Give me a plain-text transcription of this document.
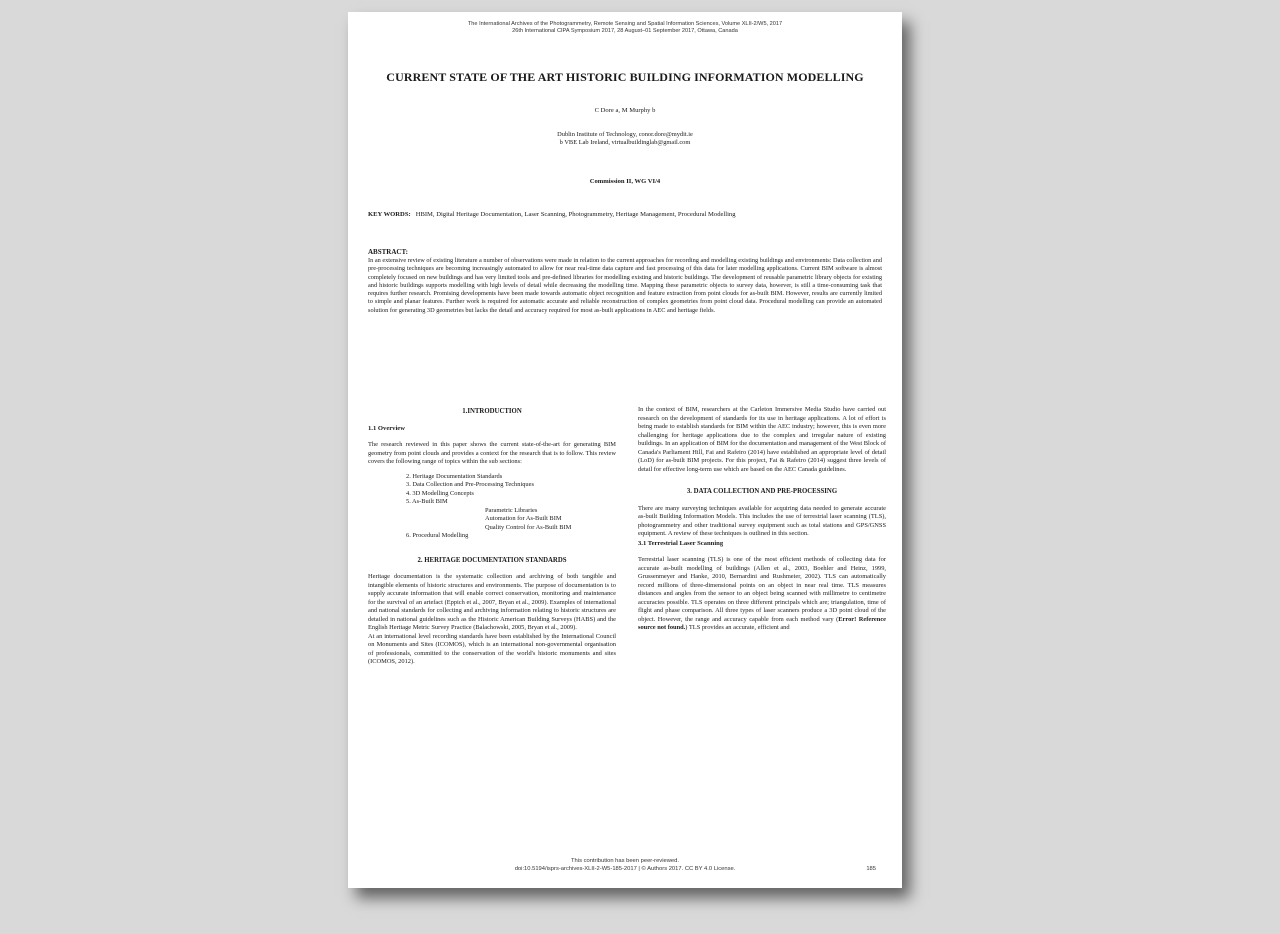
The International Archives of the Photogrammetry, Remote Sensing and Spatial Information Sciences, Volume XLII-2/W5, 2017
26th International CIPA Symposium 2017, 28 August–01 September 2017, Ottawa, Canada
CURRENT STATE OF THE ART HISTORIC BUILDING INFORMATION MODELLING
C Dore a, M Murphy b
Dublin Institute of Technology, conor.dore@mydit.ie
b VBE Lab Ireland, virtualbuildinglab@gmail.com
Commission II, WG VI/4
KEY WORDS: HBIM, Digital Heritage Documentation, Laser Scanning, Photogrammetry, Heritage Management, Procedural Modelling
ABSTRACT:

In an extensive review of existing literature a number of observations were made in relation to the current approaches for recording and modelling existing buildings and environments: Data collection and pre-processing techniques are becoming increasingly automated to allow for near real-time data capture and fast processing of this data for later modelling applications. Current BIM software is almost completely focused on new buildings and has very limited tools and pre-defined libraries for modelling existing and historic buildings. The development of reusable parametric library objects for existing and historic buildings supports modelling with high levels of detail while decreasing the modelling time. Mapping these parametric objects to survey data, however, is still a time-consuming task that requires further research. Promising developments have been made towards automatic object recognition and feature extraction from point clouds for as-built BIM. However, results are currently limited to simple and planar features. Further work is required for automatic accurate and reliable reconstruction of complex geometries from point cloud data. Procedural modelling can provide an automated solution for generating 3D geometries but lacks the detail and accuracy required for most as-built applications in AEC and heritage fields.

1.INTRODUCTION
1.1 Overview

The research reviewed in this paper shows the current state-of-the-art for generating BIM geometry from point clouds and provides a context for the research that is to follow. This review covers the following range of topics within the sub sections:

2. Heritage Documentation Standards
3. Data Collection and Pre-Processing Techniques
4. 3D Modelling Concepts
5. As-Built BIM
Parametric Libraries
Automation for As-Built BIM
Quality Control for As-Built BIM
6. Procedural Modelling
2. HERITAGE DOCUMENTATION STANDARDS

Heritage documentation is the systematic collection and archiving of both tangible and intangible elements of historic structures and environments. The purpose of documentation is to supply accurate information that will enable correct conservation, monitoring and maintenance for the survival of an artefact (Eppich et al., 2007, Bryan et al., 2009). Examples of international and national standards for collecting and archiving information relating to historic structures are detailed in national guidelines such as the Historic American Building Surveys (HABS) and the English Heritage Metric Survey Practice (Balachowski, 2005, Bryan et al., 2009).

At an international level recording standards have been established by the International Council on Monuments and Sites (ICOMOS), which is an international non-governmental organisation of professionals, committed to the conservation of the world's historic monuments and sites (ICOMOS, 2012).

In the context of BIM, researchers at the Carleton Immersive Media Studio have carried out research on the development of standards for its use in heritage applications. A lot of effort is being made to establish standards for BIM within the AEC industry; however, this is even more challenging for heritage applications due to the complex and irregular nature of existing buildings. In an application of BIM for the documentation and management of the West Block of Canada's Parliament Hill, Fai and Rafeiro (2014) have established an appropriate level of detail (LoD) for as-built BIM projects. For this project, Fai & Rafeiro (2014) suggest three levels of detail for effective long-term use which are based on the AEC Canada guidelines.

3. DATA COLLECTION AND PRE-PROCESSING

There are many surveying techniques available for acquiring data needed to generate accurate as-built Building Information Models. This includes the use of terrestrial laser scanning (TLS), photogrammetry and other traditional survey equipment such as total stations and GPS/GNSS equipment. A review of these techniques is outlined in this section.

3.1 Terrestrial Laser Scanning

Terrestrial laser scanning (TLS) is one of the most efficient methods of collecting data for accurate as-built modelling of buildings (Allen et al., 2003, Boehler and Heinz, 1999, Grussenmeyer and Hanke, 2010, Bernardini and Rushmeier, 2002). TLS can automatically record millions of three-dimensional points on an object in near real time. TLS measures distances and angles from the sensor to an object being scanned with millimetre to centimetre accuracies possible. TLS operates on three different principals which are; triangulation, time of flight and phase comparison. All three types of laser scanners produce a 3D point cloud of the object. However, the range and accuracy capable from each method vary (Error! Reference source not found.) TLS provides an accurate, efficient and

This contribution has been peer-reviewed.
doi:10.5194/isprs-archives-XLII-2-W5-185-2017 | © Authors 2017. CC BY 4.0 License.	185
